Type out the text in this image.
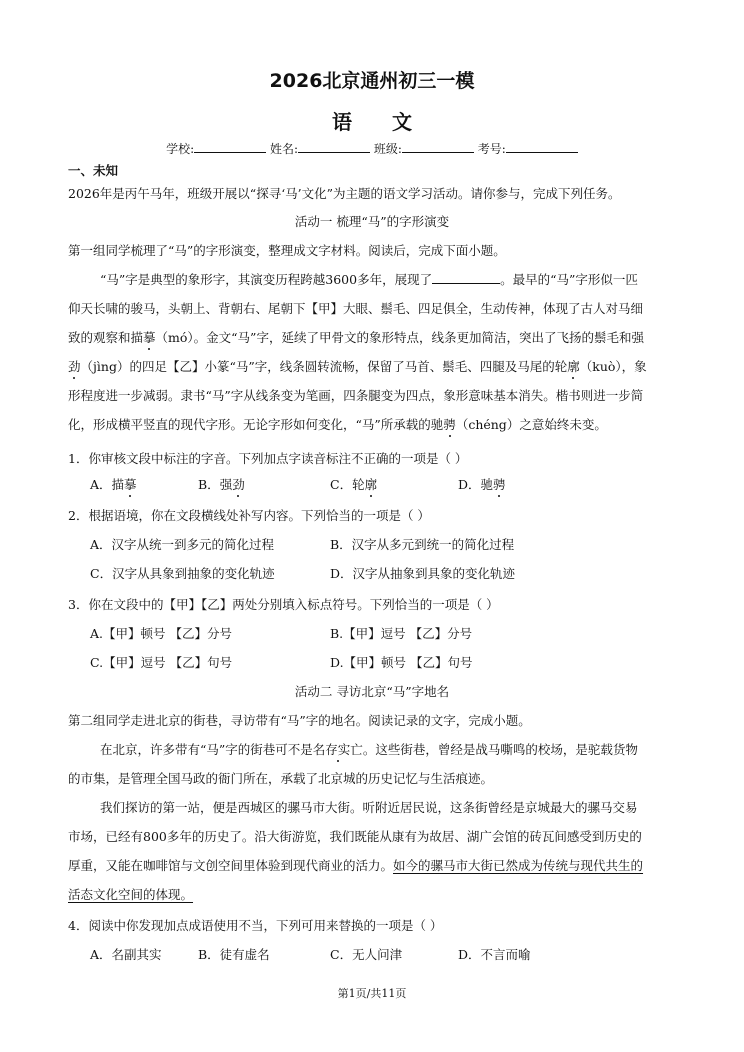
2026北京通州初三一模
语文
学校:	姓名:	班级:	考号:
一、未知
2026年是丙午马年，班级开展以“探寻‘马’文化”为主题的语文学习活动。请你参与，完成下列任务。
活动一 梳理“马”的字形演变
第一组同学梳理了“马”的字形演变，整理成文字材料。阅读后，完成下面小题。
“马”字是典型的象形字，其演变历程跨越3600多年，展现了	。最早的“马”字形似一匹
仰天长啸的骏马，头朝上、背朝右、尾朝下【甲】大眼、鬃毛、四足俱全，生动传神，体现了古人对马细
致的观察和描摹（mó）。金文“马”字，延续了甲骨文的象形特点，线条更加简洁，突出了飞扬的鬃毛和强
劲（jìng）的四足【乙】小篆“马”字，线条圆转流畅，保留了马首、鬃毛、四腿及马尾的轮廓（kuò），象
形程度进一步减弱。隶书“马”字从线条变为笔画，四条腿变为四点，象形意味基本消失。楷书则进一步简
化，形成横平竖直的现代字形。无论字形如何变化，“马”所承载的驰骋（chéng）之意始终未变。
1．你审核文段中标注的字音。下列加点字读音标注不正确的一项是（ ）
A．描摹	B．强劲	C．轮廓	D．驰骋
2．根据语境，你在文段横线处补写内容。下列恰当的一项是（ ）
A．汉字从统一到多元的简化过程	B．汉字从多元到统一的简化过程
C．汉字从具象到抽象的变化轨迹	D．汉字从抽象到具象的变化轨迹
3．你在文段中的【甲】【乙】两处分别填入标点符号。下列恰当的一项是（ ）
A.【甲】顿号 【乙】分号	B.【甲】逗号 【乙】分号
C.【甲】逗号 【乙】句号	D.【甲】顿号 【乙】句号
活动二 寻访北京“马”字地名
第二组同学走进北京的街巷，寻访带有“马”字的地名。阅读记录的文字，完成小题。
在北京，许多带有“马”字的街巷可不是名存实亡。这些街巷，曾经是战马嘶鸣的校场，是驼载货物
的市集，是管理全国马政的衙门所在，承载了北京城的历史记忆与生活痕迹。
我们探访的第一站，便是西城区的骡马市大街。听附近居民说，这条街曾经是京城最大的骡马交易
市场，已经有800多年的历史了。沿大街游览，我们既能从康有为故居、湖广会馆的砖瓦间感受到历史的
厚重，又能在咖啡馆与文创空间里体验到现代商业的活力。如今的骡马市大街已然成为传统与现代共生的
活态文化空间的体现。
4．阅读中你发现加点成语使用不当，下列可用来替换的一项是（ ）
A．名副其实	B．徒有虚名	C．无人问津	D．不言而喻
第1页/共11页
